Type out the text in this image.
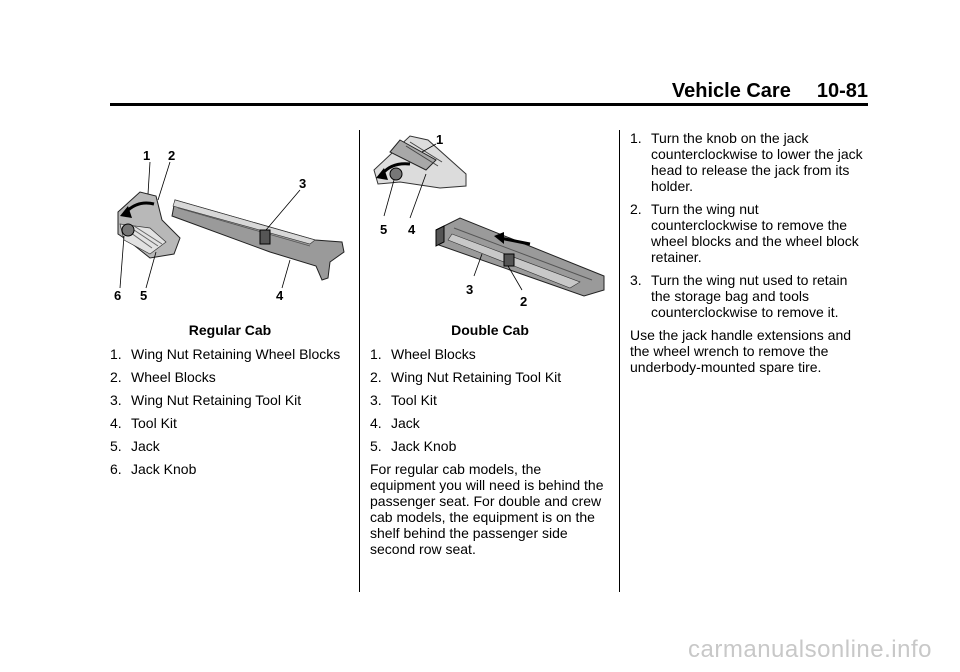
Vehicle Care 10-81
1 2
3
4
5
6
Regular Cab
1. Wing Nut Retaining Wheel Blocks
2. Wheel Blocks
3. Wing Nut Retaining Tool Kit
4. Tool Kit
5. Jack
6. Jack Knob
1
2
3
4
5
Double Cab
1. Wheel Blocks
2. Wing Nut Retaining Tool Kit
3. Tool Kit
4. Jack
5. Jack Knob

For regular cab models, the equipment you will need is behind the passenger seat. For double and crew cab models, the equipment is on the shelf behind the passenger side second row seat.

1. Turn the knob on the jack counterclockwise to lower the jack head to release the jack from its holder.
2. Turn the wing nut counterclockwise to remove the wheel blocks and the wheel block retainer.
3. Turn the wing nut used to retain the storage bag and tools counterclockwise to remove it.

Use the jack handle extensions and the wheel wrench to remove the underbody-mounted spare tire.

carmanualsonline.info
